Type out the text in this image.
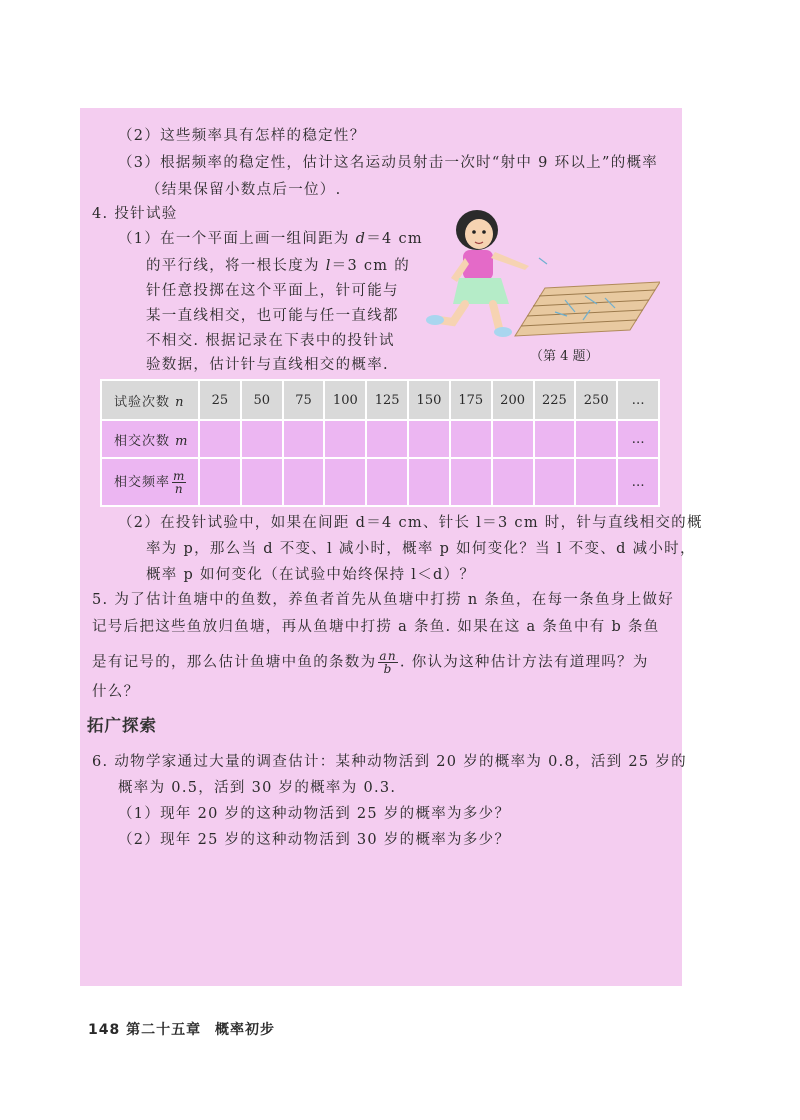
（2）这些频率具有怎样的稳定性？
（3）根据频率的稳定性，估计这名运动员射击一次时“射中 9 环以上”的概率
（结果保留小数点后一位）.
4. 投针试验
（1）在一个平面上画一组间距为 d＝4 cm
的平行线，将一根长度为 l＝3 cm 的
针任意投掷在这个平面上，针可能与
某一直线相交，也可能与任一直线都
不相交. 根据记录在下表中的投针试
验数据，估计针与直线相交的概率.
（第 4 题）
试验次数 n	25	50	75	100	125	150	175	200	225	250	…
相交次数 m											…
相交频率 $\frac{m}{n}$											…
（2）在投针试验中，如果在间距 d＝4 cm、针长 l＝3 cm 时，针与直线相交的概
率为 p，那么当 d 不变、l 减小时，概率 p 如何变化？当 l 不变、d 减小时，
概率 p 如何变化（在试验中始终保持 l＜d）？
5. 为了估计鱼塘中的鱼数，养鱼者首先从鱼塘中打捞 n 条鱼，在每一条鱼身上做好
记号后把这些鱼放归鱼塘，再从鱼塘中打捞 a 条鱼. 如果在这 a 条鱼中有 b 条鱼
是有记号的，那么估计鱼塘中鱼的条数为 $\frac{an}{b}$ . 你认为这种估计方法有道理吗？为
什么？
拓广探索
6. 动物学家通过大量的调查估计：某种动物活到 20 岁的概率为 0.8，活到 25 岁的
概率为 0.5，活到 30 岁的概率为 0.3.
（1）现年 20 岁的这种动物活到 25 岁的概率为多少？
（2）现年 25 岁的这种动物活到 30 岁的概率为多少？
148 第二十五章 概率初步
